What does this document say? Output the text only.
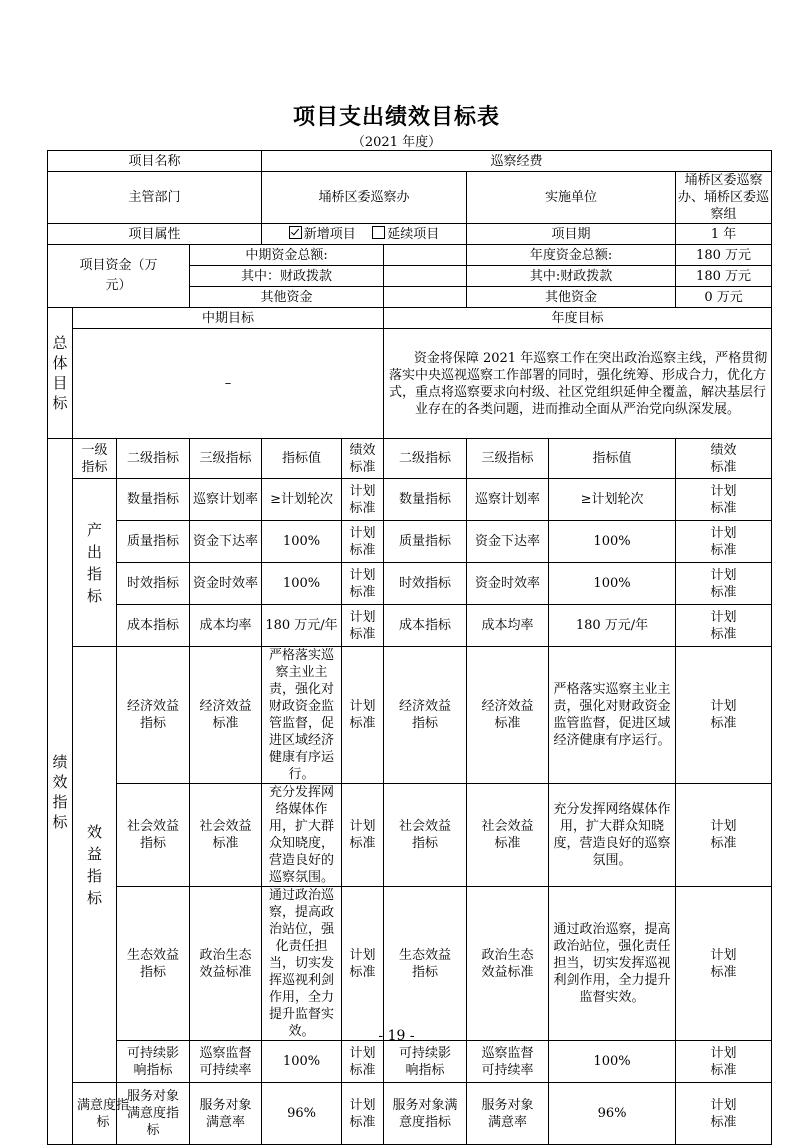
项目支出绩效目标表
（2021 年度）
项目名称				巡察经费					
主管部门				埇桥区委巡察办			实施单位		埇桥区委巡察办、埇桥区委巡察组
项目属性				新增项目 延续项目			项目期		1 年
项目资金（万元）			中期资金总额:				年度资金总额:		180 万元
			其中：财政拨款				其中:财政拨款		180 万元
			其他资金				其他资金		0 万元
总体目标	中期目标					年度目标			
	–					资金将保障 2021 年巡察工作在突出政治巡察主线，严格贯彻落实中央巡视巡察工作部署的同时，强化统筹、形成合力，优化方式，重点将巡察要求向村级、社区党组织延伸全覆盖，解决基层行业存在的各类问题，进而推动全面从严治党向纵深发展。			

绩效指标	一级指标	二级指标	三级指标	指标值	绩效标准	二级指标	三级指标	指标值	绩效标准
	产出指标	数量指标	巡察计划率	≥计划轮次	计划标准	数量指标	巡察计划率	≥计划轮次	计划标准
		质量指标	资金下达率	100%	计划标准	质量指标	资金下达率	100%	计划标准
		时效指标	资金时效率	100%	计划标准	时效指标	资金时效率	100%	计划标准
		成本指标	成本均率	180 万元/年	计划标准	成本指标	成本均率	180 万元/年	计划标准
	效益指标	经济效益指标	经济效益标准	严格落实巡察主业主责，强化对财政资金监管监督，促进区域经济健康有序运行。	计划标准	经济效益指标	经济效益标准	严格落实巡察主业主责，强化对财政资金监管监督，促进区域经济健康有序运行。	计划标准
		社会效益指标	社会效益标准	充分发挥网络媒体作用，扩大群众知晓度，营造良好的巡察氛围。	计划标准	社会效益指标	社会效益标准	充分发挥网络媒体作用，扩大群众知晓度，营造良好的巡察氛围。	计划标准
		生态效益指标	政治生态效益标准	通过政治巡察，提高政治站位，强化责任担当，切实发挥巡视利剑作用，全力提升监督实效。	计划标准	生态效益指标	政治生态效益标准	通过政治巡察，提高政治站位，强化责任担当，切实发挥巡视利剑作用，全力提升监督实效。	计划标准
		可持续影响指标	巡察监督可持续率	100%	计划标准	可持续影响指标	巡察监督可持续率	100%	计划标准
	满意度指标	服务对象满意度指标	服务对象满意率	96%	计划标准	服务对象满意度指标	服务对象满意率	96%	计划标准
- 19 -
